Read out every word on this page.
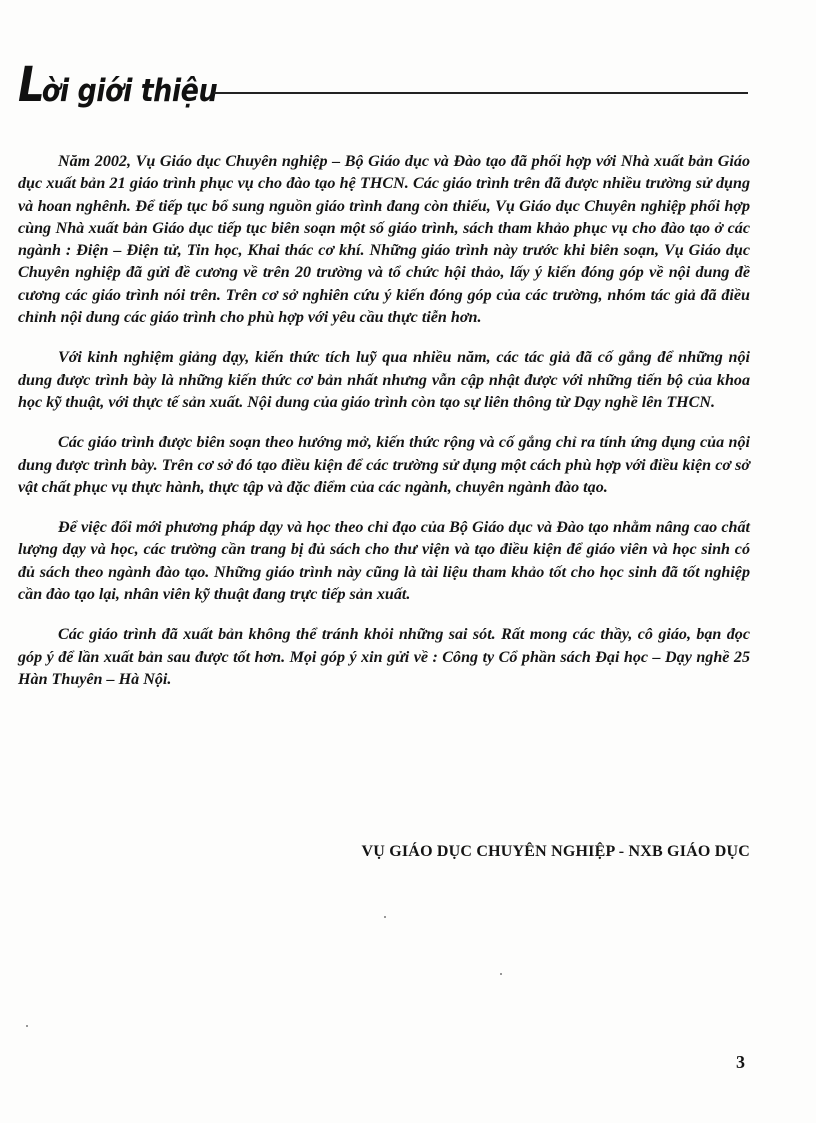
Lời giới thiệu

Năm 2002, Vụ Giáo dục Chuyên nghiệp – Bộ Giáo dục và Đào tạo đã phối hợp với Nhà xuất bản Giáo dục xuất bản 21 giáo trình phục vụ cho đào tạo hệ THCN. Các giáo trình trên đã được nhiều trường sử dụng và hoan nghênh. Để tiếp tục bổ sung nguồn giáo trình đang còn thiếu, Vụ Giáo dục Chuyên nghiệp phối hợp cùng Nhà xuất bản Giáo dục tiếp tục biên soạn một số giáo trình, sách tham khảo phục vụ cho đào tạo ở các ngành : Điện – Điện tử, Tin học, Khai thác cơ khí. Những giáo trình này trước khi biên soạn, Vụ Giáo dục Chuyên nghiệp đã gửi đề cương về trên 20 trường và tổ chức hội thảo, lấy ý kiến đóng góp về nội dung đề cương các giáo trình nói trên. Trên cơ sở nghiên cứu ý kiến đóng góp của các trường, nhóm tác giả đã điều chỉnh nội dung các giáo trình cho phù hợp với yêu cầu thực tiễn hơn.

Với kinh nghiệm giảng dạy, kiến thức tích luỹ qua nhiều năm, các tác giả đã cố gắng để những nội dung được trình bày là những kiến thức cơ bản nhất nhưng vẫn cập nhật được với những tiến bộ của khoa học kỹ thuật, với thực tế sản xuất. Nội dung của giáo trình còn tạo sự liên thông từ Dạy nghề lên THCN.

Các giáo trình được biên soạn theo hướng mở, kiến thức rộng và cố gắng chỉ ra tính ứng dụng của nội dung được trình bày. Trên cơ sở đó tạo điều kiện để các trường sử dụng một cách phù hợp với điều kiện cơ sở vật chất phục vụ thực hành, thực tập và đặc điểm của các ngành, chuyên ngành đào tạo.

Để việc đổi mới phương pháp dạy và học theo chỉ đạo của Bộ Giáo dục và Đào tạo nhằm nâng cao chất lượng dạy và học, các trường cần trang bị đủ sách cho thư viện và tạo điều kiện để giáo viên và học sinh có đủ sách theo ngành đào tạo. Những giáo trình này cũng là tài liệu tham khảo tốt cho học sinh đã tốt nghiệp cần đào tạo lại, nhân viên kỹ thuật đang trực tiếp sản xuất.

Các giáo trình đã xuất bản không thể tránh khỏi những sai sót. Rất mong các thầy, cô giáo, bạn đọc góp ý để lần xuất bản sau được tốt hơn. Mọi góp ý xin gửi về : Công ty Cổ phần sách Đại học – Dạy nghề 25 Hàn Thuyên – Hà Nội.

VỤ GIÁO DỤC CHUYÊN NGHIỆP - NXB GIÁO DỤC
3
